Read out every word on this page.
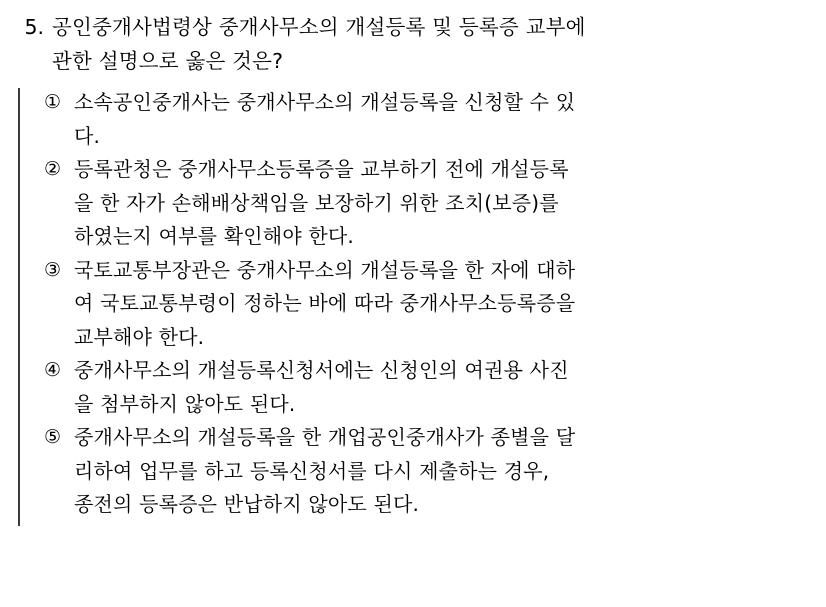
5. 공인중개사법령상 중개사무소의 개설등록 및 등록증 교부에
관한 설명으로 옳은 것은?
① 소속공인중개사는 중개사무소의 개설등록을 신청할 수 있
다.
② 등록관청은 중개사무소등록증을 교부하기 전에 개설등록
을 한 자가 손해배상책임을 보장하기 위한 조치(보증)를
하였는지 여부를 확인해야 한다.
③ 국토교통부장관은 중개사무소의 개설등록을 한 자에 대하
여 국토교통부령이 정하는 바에 따라 중개사무소등록증을
교부해야 한다.
④ 중개사무소의 개설등록신청서에는 신청인의 여권용 사진
을 첨부하지 않아도 된다.
⑤ 중개사무소의 개설등록을 한 개업공인중개사가 종별을 달
리하여 업무를 하고 등록신청서를 다시 제출하는 경우,
종전의 등록증은 반납하지 않아도 된다.
